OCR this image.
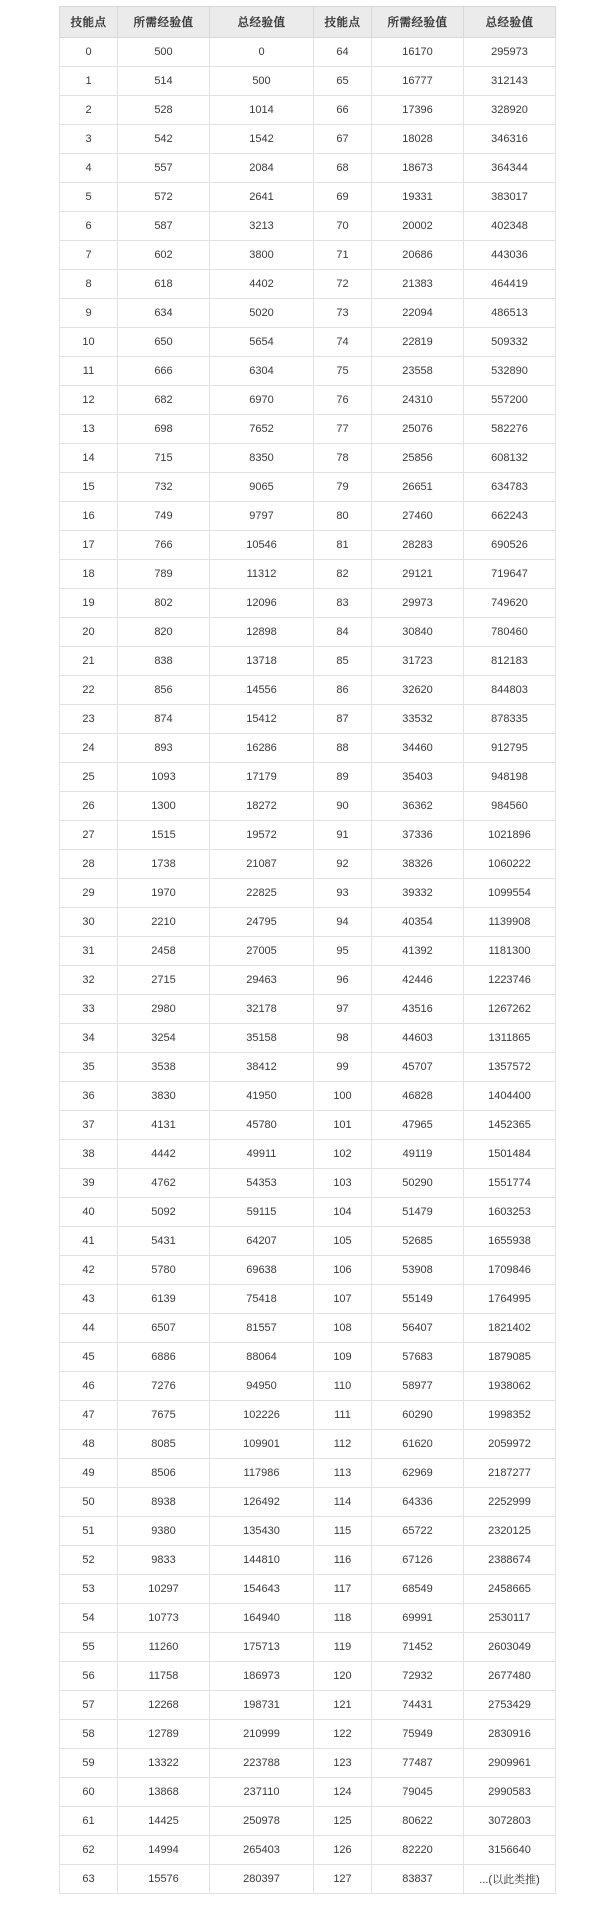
技能点	所需经验值	总经验值	技能点	所需经验值	总经验值
0	500	0	64	16170	295973
1	514	500	65	16777	312143
2	528	1014	66	17396	328920
3	542	1542	67	18028	346316
4	557	2084	68	18673	364344
5	572	2641	69	19331	383017
6	587	3213	70	20002	402348
7	602	3800	71	20686	443036
8	618	4402	72	21383	464419
9	634	5020	73	22094	486513
10	650	5654	74	22819	509332
11	666	6304	75	23558	532890
12	682	6970	76	24310	557200
13	698	7652	77	25076	582276
14	715	8350	78	25856	608132
15	732	9065	79	26651	634783
16	749	9797	80	27460	662243
17	766	10546	81	28283	690526
18	789	11312	82	29121	719647
19	802	12096	83	29973	749620
20	820	12898	84	30840	780460
21	838	13718	85	31723	812183
22	856	14556	86	32620	844803
23	874	15412	87	33532	878335
24	893	16286	88	34460	912795
25	1093	17179	89	35403	948198
26	1300	18272	90	36362	984560
27	1515	19572	91	37336	1021896
28	1738	21087	92	38326	1060222
29	1970	22825	93	39332	1099554
30	2210	24795	94	40354	1139908
31	2458	27005	95	41392	1181300
32	2715	29463	96	42446	1223746
33	2980	32178	97	43516	1267262
34	3254	35158	98	44603	1311865
35	3538	38412	99	45707	1357572
36	3830	41950	100	46828	1404400
37	4131	45780	101	47965	1452365
38	4442	49911	102	49119	1501484
39	4762	54353	103	50290	1551774
40	5092	59115	104	51479	1603253
41	5431	64207	105	52685	1655938
42	5780	69638	106	53908	1709846
43	6139	75418	107	55149	1764995
44	6507	81557	108	56407	1821402
45	6886	88064	109	57683	1879085
46	7276	94950	110	58977	1938062
47	7675	102226	111	60290	1998352
48	8085	109901	112	61620	2059972
49	8506	117986	113	62969	2187277
50	8938	126492	114	64336	2252999
51	9380	135430	115	65722	2320125
52	9833	144810	116	67126	2388674
53	10297	154643	117	68549	2458665
54	10773	164940	118	69991	2530117
55	11260	175713	119	71452	2603049
56	11758	186973	120	72932	2677480
57	12268	198731	121	74431	2753429
58	12789	210999	122	75949	2830916
59	13322	223788	123	77487	2909961
60	13868	237110	124	79045	2990583
61	14425	250978	125	80622	3072803
62	14994	265403	126	82220	3156640
63	15576	280397	127	83837	...(以此类推)
